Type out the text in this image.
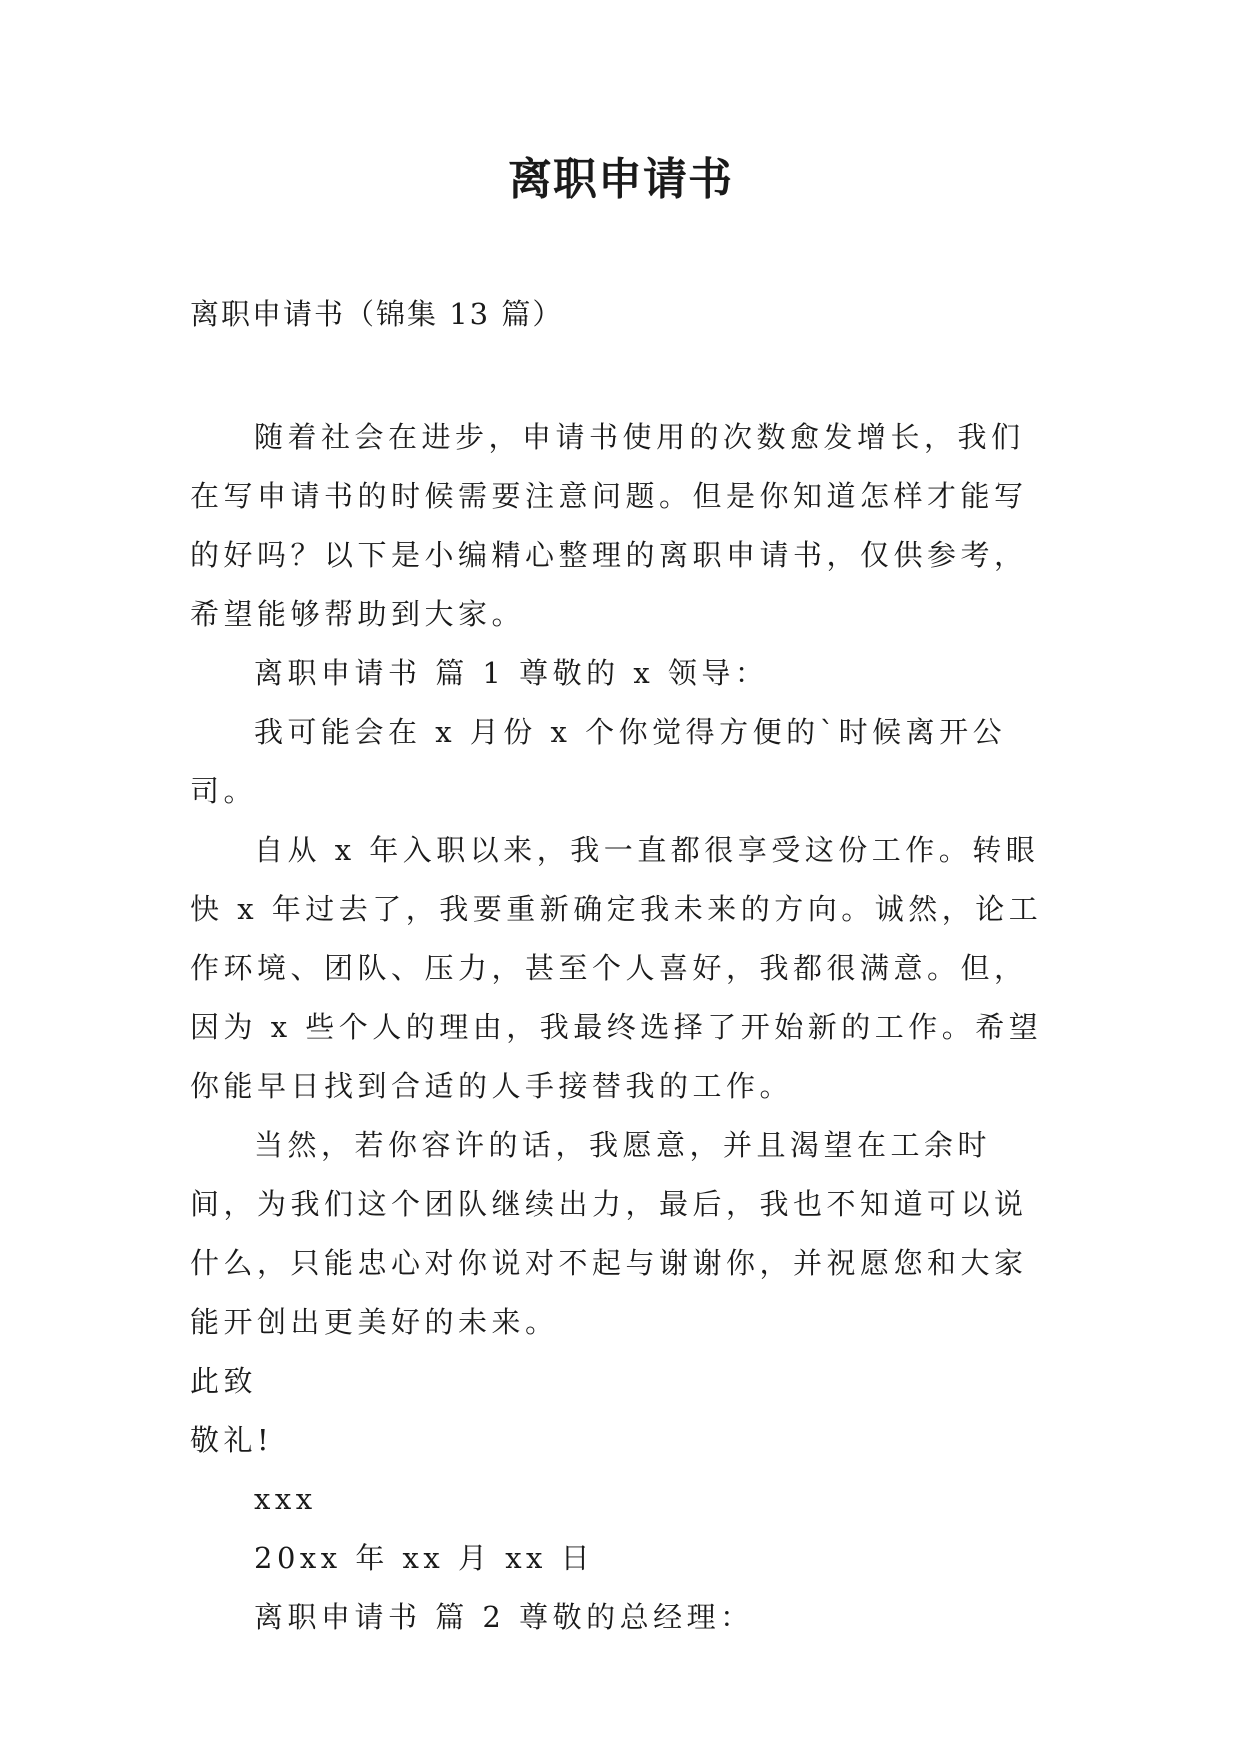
离职申请书
离职申请书（锦集 13 篇）

随着社会在进步，申请书使用的次数愈发增长，我们在写申请书的时候需要注意问题。但是你知道怎样才能写的好吗？以下是小编精心整理的离职申请书，仅供参考，希望能够帮助到大家。

离职申请书 篇 1 尊敬的 x 领导：

我可能会在 x 月份 x 个你觉得方便的`时候离开公司。

自从 x 年入职以来，我一直都很享受这份工作。转眼快 x 年过去了，我要重新确定我未来的方向。诚然，论工作环境、团队、压力，甚至个人喜好，我都很满意。但，因为 x 些个人的理由，我最终选择了开始新的工作。希望你能早日找到合适的人手接替我的工作。

当然，若你容许的话，我愿意，并且渴望在工余时间，为我们这个团队继续出力，最后，我也不知道可以说什么，只能忠心对你说对不起与谢谢你，并祝愿您和大家能开创出更美好的未来。

此致

敬礼!

xxx

20xx 年 xx 月 xx 日

离职申请书 篇 2 尊敬的总经理：
